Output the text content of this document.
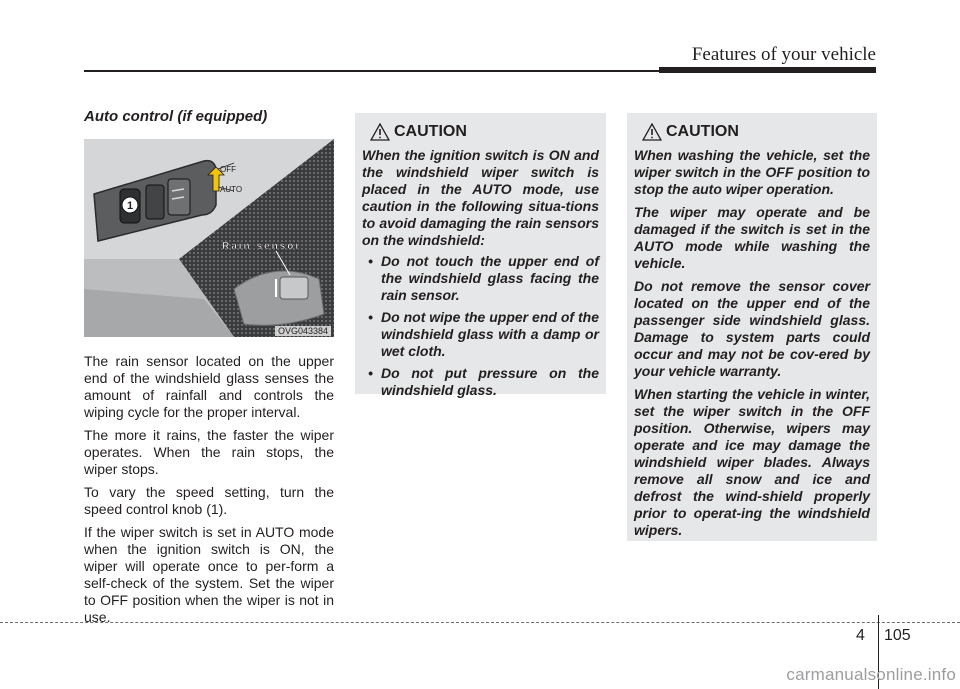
Features of your vehicle
Auto control (if equipped)
1
Rain sensor
OFF
AUTO
OVG043384

The rain sensor located on the upper end of the windshield glass senses the amount of rainfall and controls the wiping cycle for the proper interval.

The more it rains, the faster the wiper operates. When the rain stops, the wiper stops.

To vary the speed setting, turn the speed control knob (1).

If the wiper switch is set in AUTO mode when the ignition switch is ON, the wiper will operate once to per-form a self-check of the system. Set the wiper to OFF position when the wiper is not in use.

CAUTION

When the ignition switch is ON and the windshield wiper switch is placed in the AUTO mode, use caution in the following situa-tions to avoid damaging the rain sensors on the windshield:

• Do not touch the upper end of the windshield glass facing the rain sensor.
• Do not wipe the upper end of the windshield glass with a damp or wet cloth.
• Do not put pressure on the windshield glass.
CAUTION

When washing the vehicle, set the wiper switch in the OFF position to stop the auto wiper operation.

The wiper may operate and be damaged if the switch is set in the AUTO mode while washing the vehicle.

Do not remove the sensor cover located on the upper end of the passenger side windshield glass. Damage to system parts could occur and may not be cov-ered by your vehicle warranty.

When starting the vehicle in winter, set the wiper switch in the OFF position. Otherwise, wipers may operate and ice may damage the windshield wiper blades. Always remove all snow and ice and defrost the wind-shield properly prior to operat-ing the windshield wipers.

4 105
carmanualsonline.info
